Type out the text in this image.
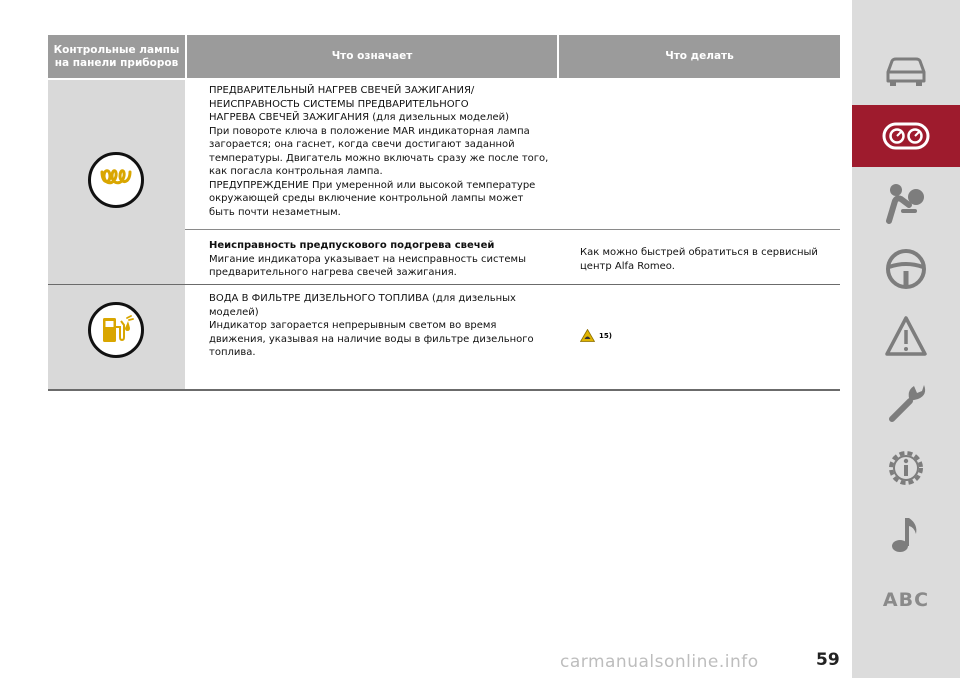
Контрольные лампы на панели приборов
Что означает	Что делать

ПРЕДВАРИТЕЛЬНЫЙ НАГРЕВ СВЕЧЕЙ ЗАЖИГАНИЯ/

НЕИСПРАВНОСТЬ СИСТЕМЫ ПРЕДВАРИТЕЛЬНОГО

НАГРЕВА СВЕЧЕЙ ЗАЖИГАНИЯ (для дизельных моделей)

При повороте ключа в положение MAR индикаторная лампа

загорается; она гаснет, когда свечи достигают заданной

температуры. Двигатель можно включать сразу же после того,

как погасла контрольная лампа.

ПРЕДУПРЕЖДЕНИЕ При умеренной или высокой температуре

окружающей среды включение контрольной лампы может

быть почти незаметным.

Неисправность предпускового подогрева свечей

Мигание индикатора указывает на неисправность системы

предварительного нагрева свечей зажигания.

Как можно быстрей обратиться в сервисный

центр Alfa Romeo.

ВОДА В ФИЛЬТРЕ ДИЗЕЛЬНОГО ТОПЛИВА (для дизельных

моделей)

Индикатор загорается непрерывным светом во время

движения, указывая на наличие воды в фильтре дизельного

топлива.

15)
ABC
carmanualsonline.info	59
